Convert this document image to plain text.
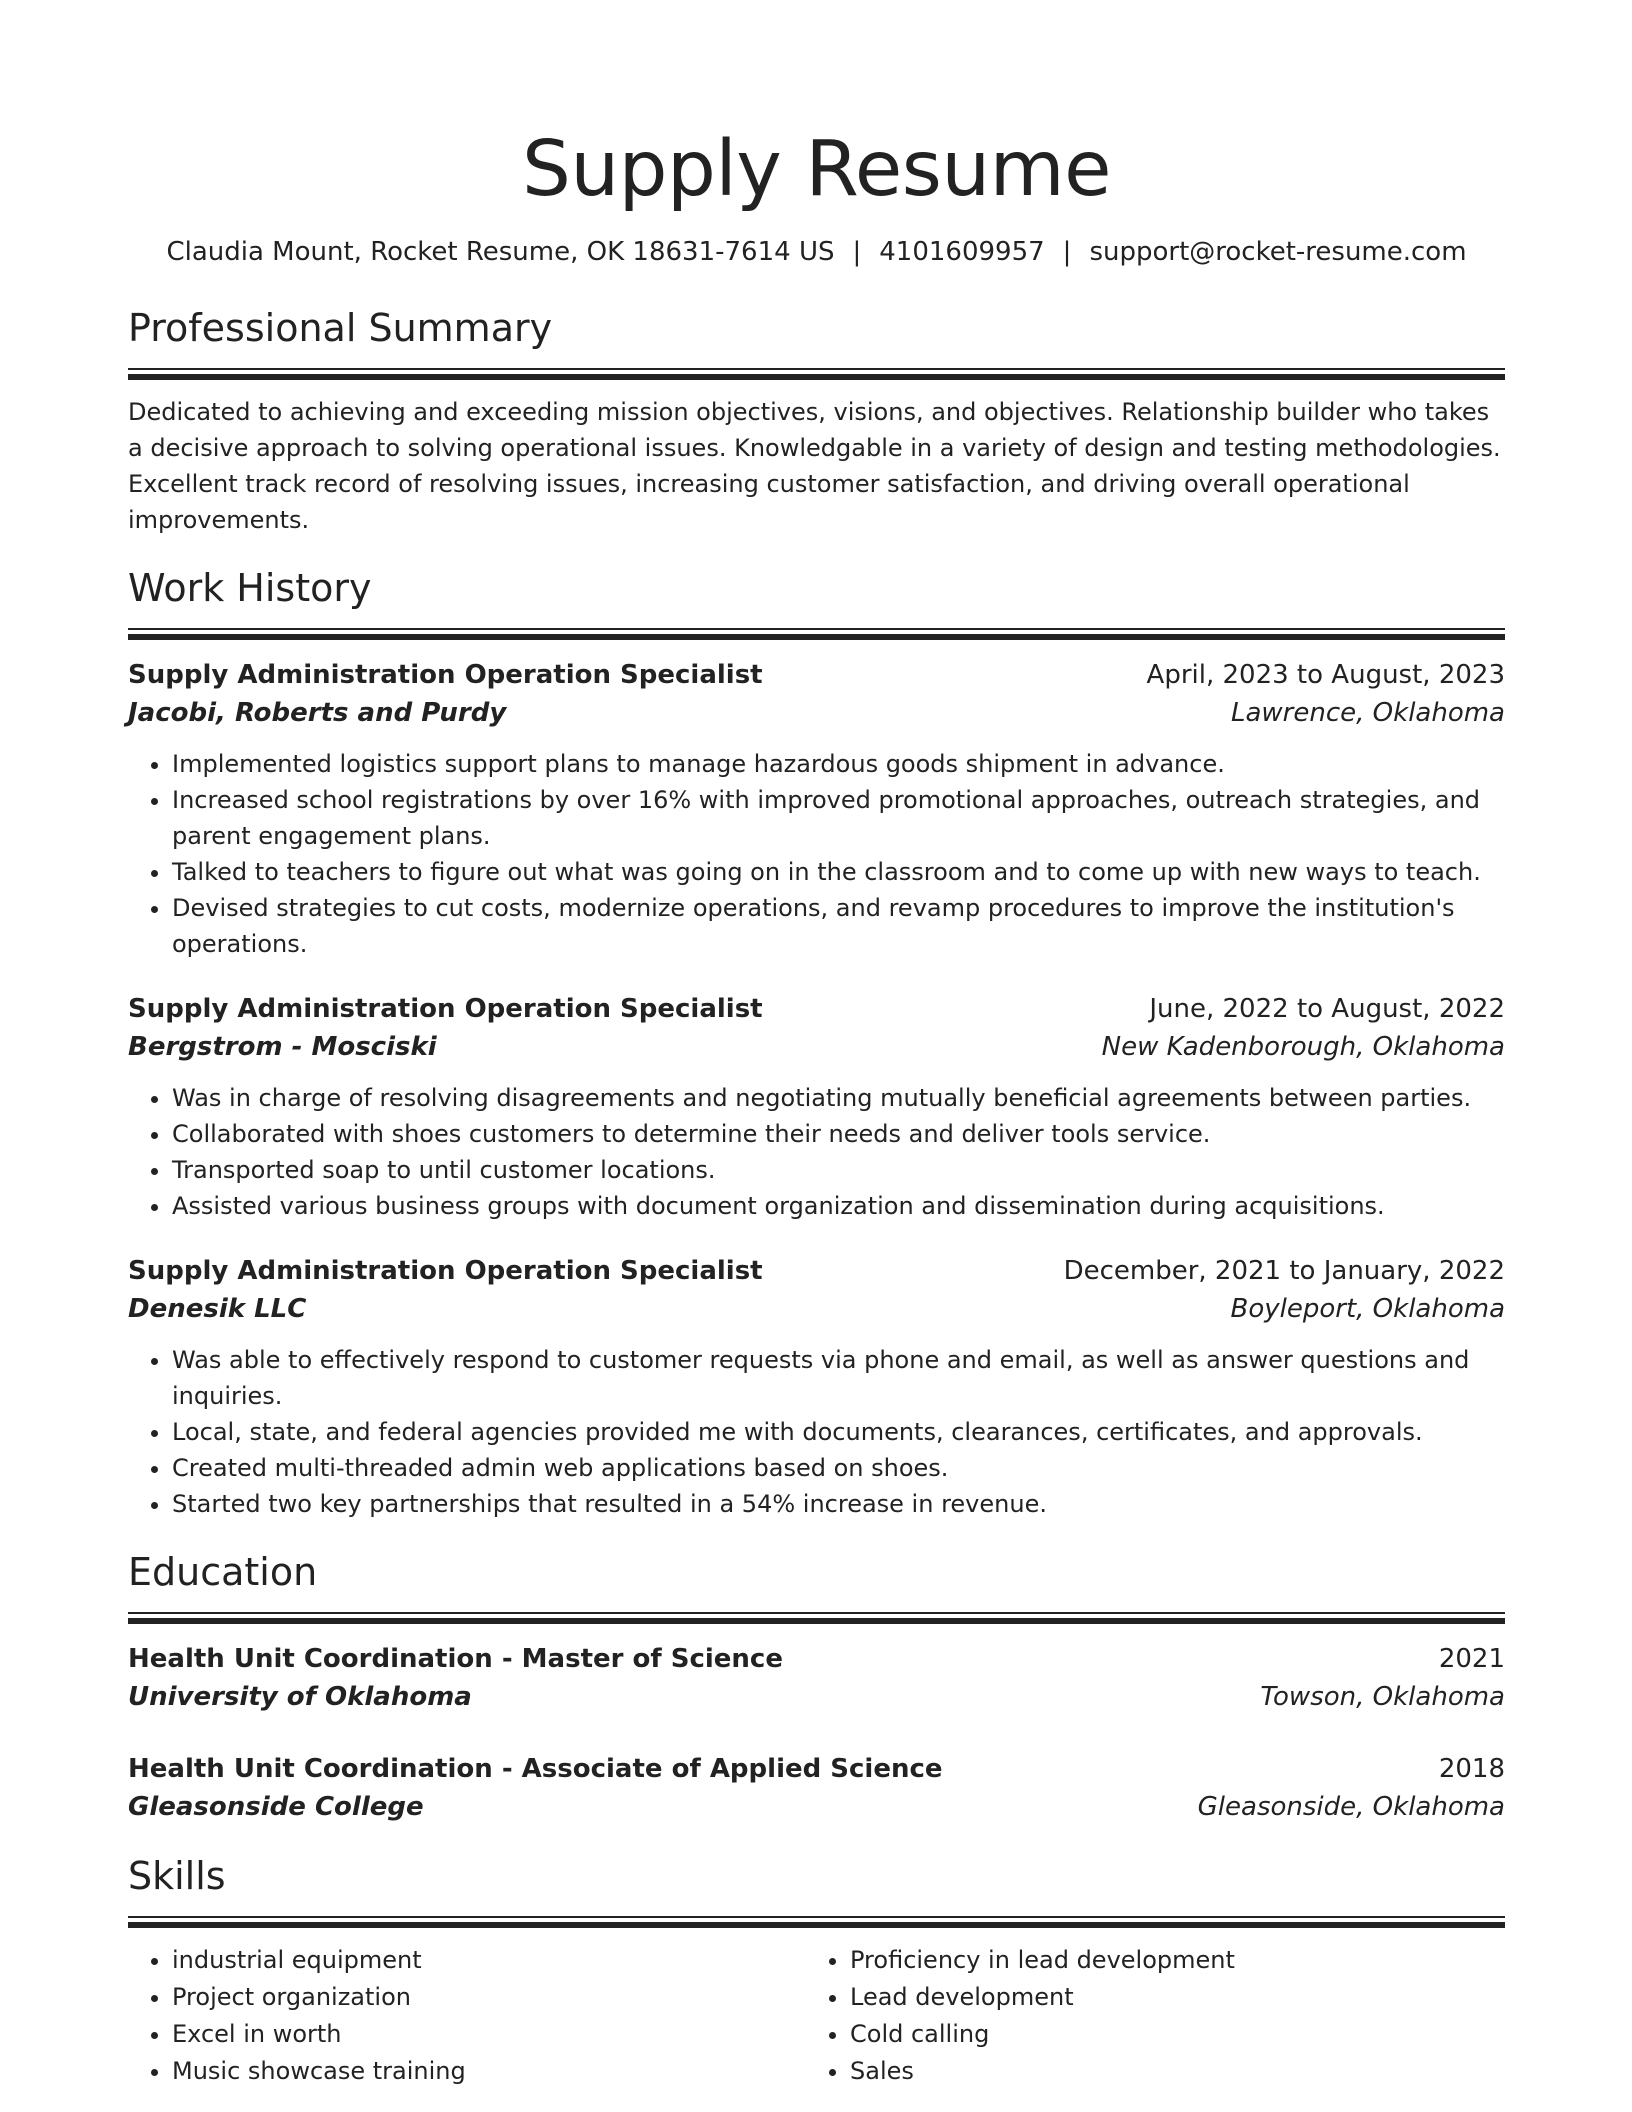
Supply Resume
Claudia Mount, Rocket Resume, OK 18631-7614 US | 4101609957 | support@rocket-resume.com
Professional Summary
Dedicated to achieving and exceeding mission objectives, visions, and objectives. Relationship builder who takes a decisive approach to solving operational issues. Knowledgable in a variety of design and testing methodologies. Excellent track record of resolving issues, increasing customer satisfaction, and driving overall operational improvements.
Work History
Supply Administration Operation Specialist	April, 2023 to August, 2023
Jacobi, Roberts and Purdy	Lawrence, Oklahoma
• Implemented logistics support plans to manage hazardous goods shipment in advance.
• Increased school registrations by over 16% with improved promotional approaches, outreach strategies, and parent engagement plans.
• Talked to teachers to figure out what was going on in the classroom and to come up with new ways to teach.
• Devised strategies to cut costs, modernize operations, and revamp procedures to improve the institution's operations.
Supply Administration Operation Specialist	June, 2022 to August, 2022
Bergstrom - Mosciski	New Kadenborough, Oklahoma
• Was in charge of resolving disagreements and negotiating mutually beneficial agreements between parties.
• Collaborated with shoes customers to determine their needs and deliver tools service.
• Transported soap to until customer locations.
• Assisted various business groups with document organization and dissemination during acquisitions.
Supply Administration Operation Specialist	December, 2021 to January, 2022
Denesik LLC	Boyleport, Oklahoma
• Was able to effectively respond to customer requests via phone and email, as well as answer questions and inquiries.
• Local, state, and federal agencies provided me with documents, clearances, certificates, and approvals.
• Created multi-threaded admin web applications based on shoes.
• Started two key partnerships that resulted in a 54% increase in revenue.
Education
Health Unit Coordination - Master of Science	2021
University of Oklahoma	Towson, Oklahoma
Health Unit Coordination - Associate of Applied Science	2018
Gleasonside College	Gleasonside, Oklahoma
Skills
• industrial equipment
• Project organization
• Excel in worth
• Music showcase training
• Proficiency in lead development
• Lead development
• Cold calling
• Sales
